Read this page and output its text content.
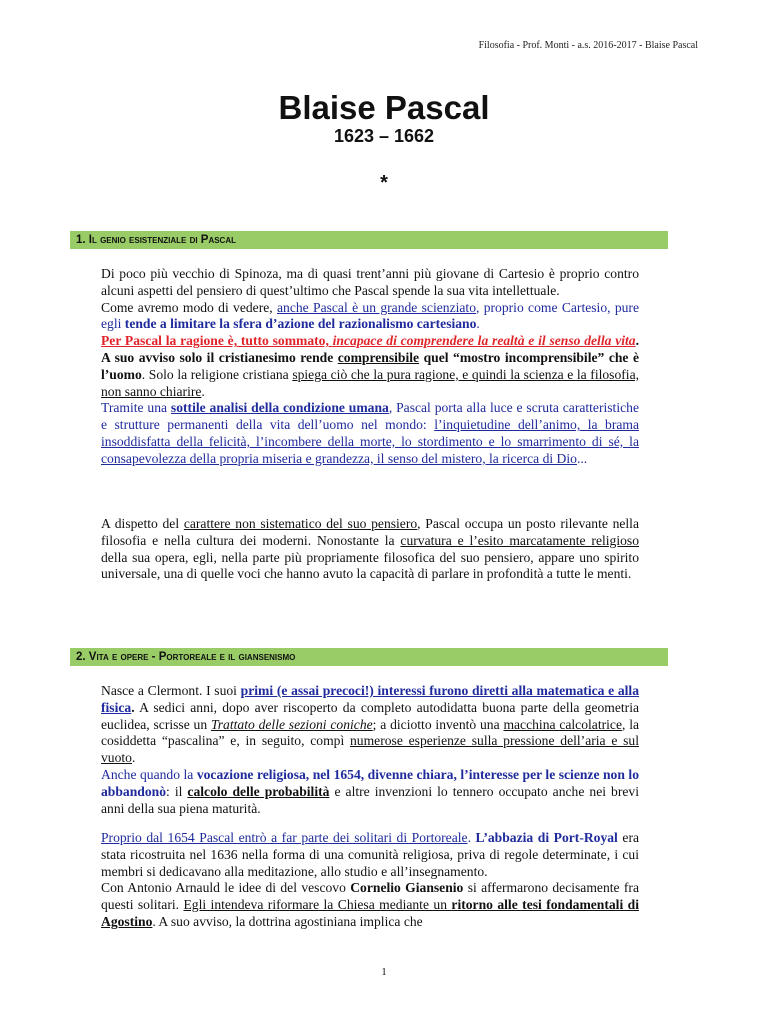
Filosofia - Prof. Monti - a.s. 2016-2017 - Blaise Pascal
Blaise Pascal
1623 – 1662
*
1. Il genio esistenziale di Pascal

Di poco più vecchio di Spinoza, ma di quasi trent’anni più giovane di Cartesio è proprio contro alcuni aspetti del pensiero di quest’ultimo che Pascal spende la sua vita intellettuale.

Come avremo modo di vedere, anche Pascal è un grande scienziato, proprio come Cartesio, pure egli tende a limitare la sfera d’azione del razionalismo cartesiano.

Per Pascal la ragione è, tutto sommato, incapace di comprendere la realtà e il senso della vita. A suo avviso solo il cristianesimo rende comprensibile quel “mostro incomprensibile” che è l’uomo. Solo la religione cristiana spiega ciò che la pura ragione, e quindi la scienza e la filosofia, non sanno chiarire.

Tramite una sottile analisi della condizione umana, Pascal porta alla luce e scruta caratteristiche e strutture permanenti della vita dell’uomo nel mondo: l’inquietudine dell’animo, la brama insoddisfatta della felicità, l’incombere della morte, lo stordimento e lo smarrimento di sé, la consapevolezza della propria miseria e grandezza, il senso del mistero, la ricerca di Dio...

A dispetto del carattere non sistematico del suo pensiero, Pascal occupa un posto rilevante nella filosofia e nella cultura dei moderni. Nonostante la curvatura e l’esito marcatamente religioso della sua opera, egli, nella parte più propriamente filosofica del suo pensiero, appare uno spirito universale, una di quelle voci che hanno avuto la capacità di parlare in profondità a tutte le menti.

2. Vita e opere - Portoreale e il giansenismo

Nasce a Clermont. I suoi primi (e assai precoci!) interessi furono diretti alla matematica e alla fisica. A sedici anni, dopo aver riscoperto da completo autodidatta buona parte della geometria euclidea, scrisse un Trattato delle sezioni coniche; a diciotto inventò una macchina calcolatrice, la cosiddetta “pascalina” e, in seguito, compì numerose esperienze sulla pressione dell’aria e sul vuoto.

Anche quando la vocazione religiosa, nel 1654, divenne chiara, l’interesse per le scienze non lo abbandonò: il calcolo delle probabilità e altre invenzioni lo tennero occupato anche nei brevi anni della sua piena maturità.

Proprio dal 1654 Pascal entrò a far parte dei solitari di Portoreale. L’abbazia di Port-Royal era stata ricostruita nel 1636 nella forma di una comunità religiosa, priva di regole determinate, i cui membri si dedicavano alla meditazione, allo studio e all’insegnamento.

Con Antonio Arnauld le idee di del vescovo Cornelio Giansenio si affermarono decisamente fra questi solitari. Egli intendeva riformare la Chiesa mediante un ritorno alle tesi fondamentali di Agostino. A suo avviso, la dottrina agostiniana implica che

1
